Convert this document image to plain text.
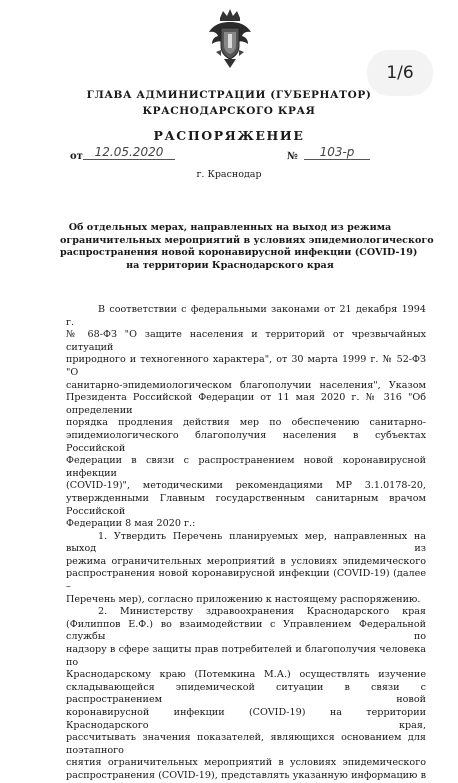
1/6
ГЛАВА АДМИНИСТРАЦИИ (ГУБЕРНАТОР)
КРАСНОДАРСКОГО КРАЯ
РАСПОРЯЖЕНИЕ
от 12.05.2020	№	103-р
г. Краснодар
Об отдельных мерах, направленных на выход из режима
ограничительных мероприятий в условиях эпидемиологического
распространения новой коронавирусной инфекции (COVID-19)
на территории Краснодарского края

В соответствии с федеральными законами от 21 декабря 1994 г.

№ 68-ФЗ "О защите населения и территорий от чрезвычайных ситуаций

природного и техногенного характера", от 30 марта 1999 г. № 52-ФЗ "О

санитарно-эпидемиологическом благополучии населения", Указом

Президента Российской Федерации от 11 мая 2020 г. № 316 "Об определении

порядка продления действия мер по обеспечению санитарно-

эпидемиологического благополучия населения в субъектах Российской

Федерации в связи с распространением новой коронавирусной инфекции

(COVID-19)", методическими рекомендациями МР 3.1.0178-20,

утвержденными Главным государственным санитарным врачом Российской

Федерации 8 мая 2020 г.:

1. Утвердить Перечень планируемых мер, направленных на выход из

режима ограничительных мероприятий в условиях эпидемического

распространения новой коронавирусной инфекции (COVID-19) (далее –

Перечень мер), согласно приложению к настоящему распоряжению.

2. Министерству здравоохранения Краснодарского края

(Филиппов Е.Ф.) во взаимодействии с Управлением Федеральной службы по

надзору в сфере защиты прав потребителей и благополучия человека по

Краснодарскому краю (Потемкина М.А.) осуществлять изучение

складывающейся эпидемической ситуации в связи с распространением новой

коронавирусной инфекции (COVID-19) на территории Краснодарского края,

рассчитывать значения показателей, являющихся основанием для поэтапного

снятия ограничительных мероприятий в условиях эпидемического

распространения (COVID-19), представлять указанную информацию в
